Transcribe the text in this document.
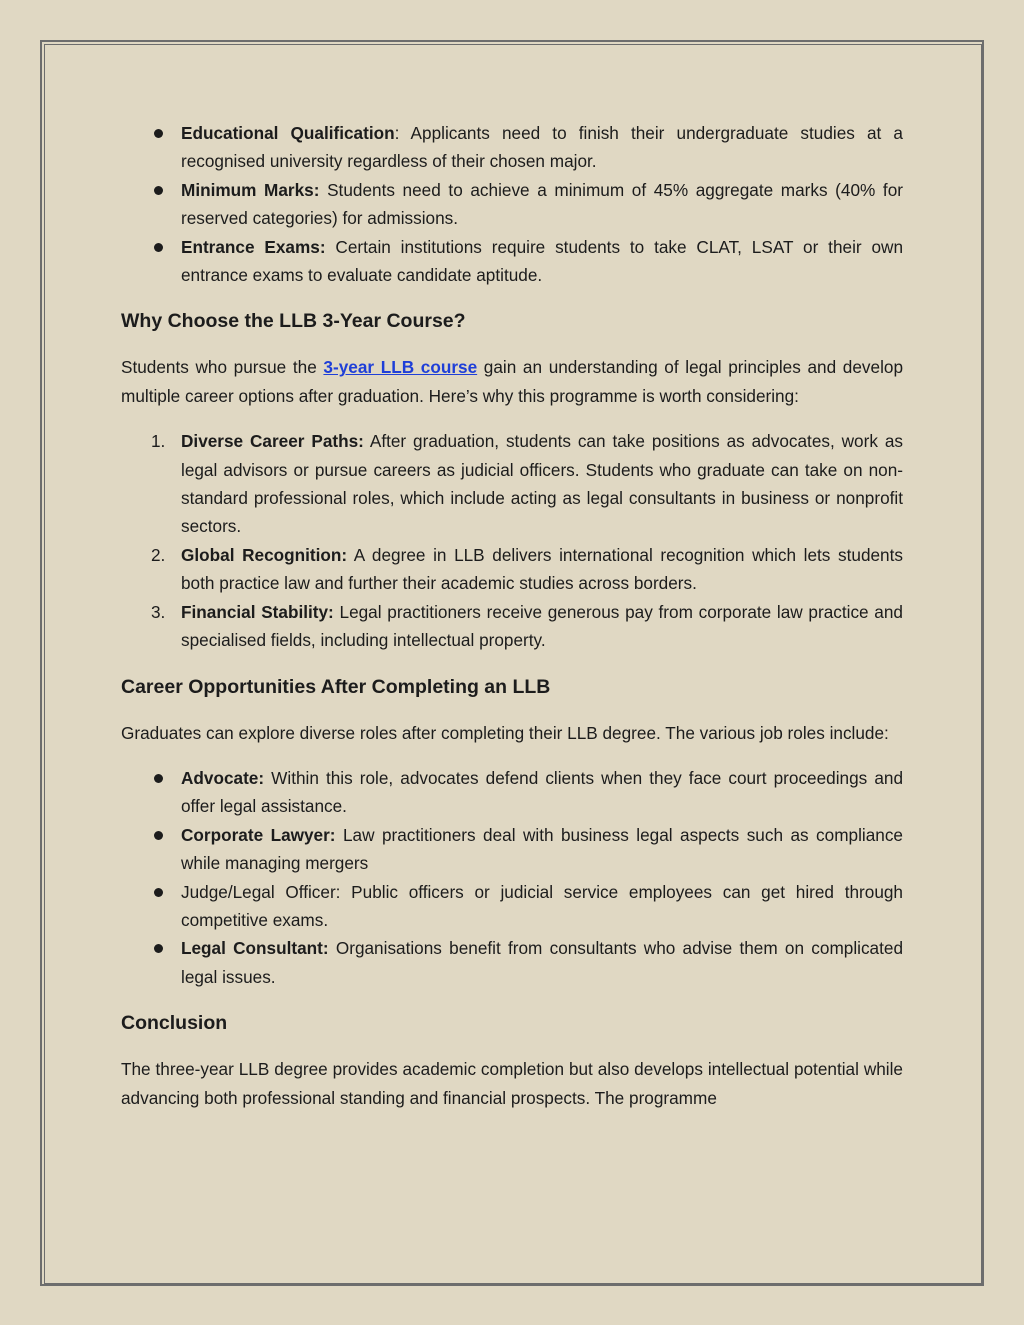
Educational Qualification: Applicants need to finish their undergraduate studies at a recognised university regardless of their chosen major.
Minimum Marks: Students need to achieve a minimum of 45% aggregate marks (40% for reserved categories) for admissions.
Entrance Exams: Certain institutions require students to take CLAT, LSAT or their own entrance exams to evaluate candidate aptitude.
Why Choose the LLB 3-Year Course?

Students who pursue the 3-year LLB course gain an understanding of legal principles and develop multiple career options after graduation. Here’s why this programme is worth considering:

1. Diverse Career Paths: After graduation, students can take positions as advocates, work as legal advisors or pursue careers as judicial officers. Students who graduate can take on non-standard professional roles, which include acting as legal consultants in business or nonprofit sectors.
2. Global Recognition: A degree in LLB delivers international recognition which lets students both practice law and further their academic studies across borders.
3. Financial Stability: Legal practitioners receive generous pay from corporate law practice and specialised fields, including intellectual property.
Career Opportunities After Completing an LLB

Graduates can explore diverse roles after completing their LLB degree. The various job roles include:

Advocate: Within this role, advocates defend clients when they face court proceedings and offer legal assistance.
Corporate Lawyer: Law practitioners deal with business legal aspects such as compliance while managing mergers
Judge/Legal Officer: Public officers or judicial service employees can get hired through competitive exams.
Legal Consultant: Organisations benefit from consultants who advise them on complicated legal issues.
Conclusion

The three-year LLB degree provides academic completion but also develops intellectual potential while advancing both professional standing and financial prospects. The programme
